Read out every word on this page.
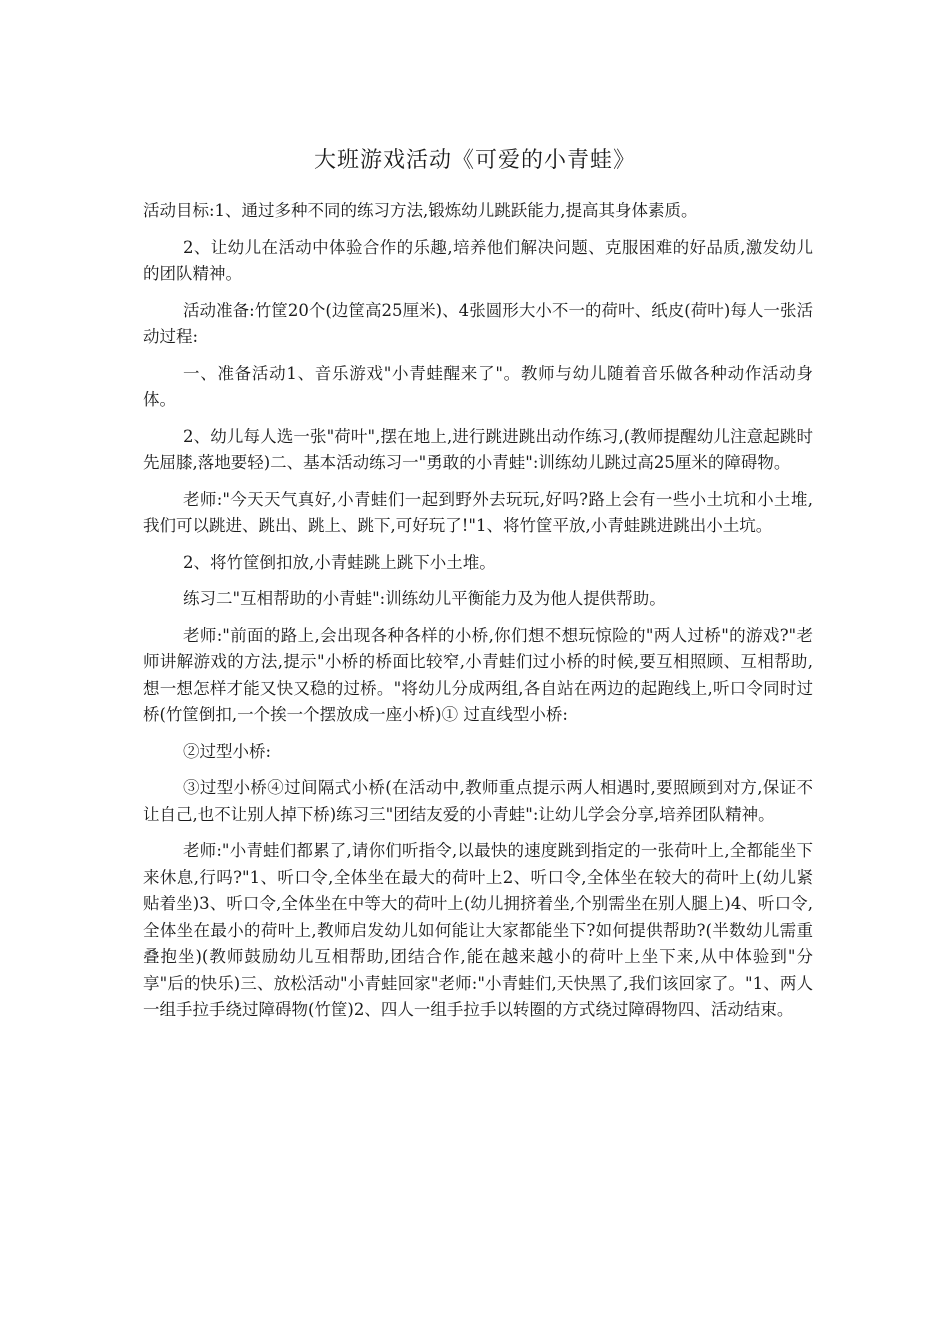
大班游戏活动《可爱的小青蛙》

活动目标:1、通过多种不同的练习方法,锻炼幼儿跳跃能力,提高其身体素质。

2、让幼儿在活动中体验合作的乐趣,培养他们解决问题、克服困难的好品质,激发幼儿的团队精神。

活动准备:竹筐20个(边筐高25厘米)、4张圆形大小不一的荷叶、纸皮(荷叶)每人一张活动过程:

一、准备活动1、音乐游戏"小青蛙醒来了"。教师与幼儿随着音乐做各种动作活动身体。

2、幼儿每人选一张"荷叶",摆在地上,进行跳进跳出动作练习,(教师提醒幼儿注意起跳时先屈膝,落地要轻)二、基本活动练习一"勇敢的小青蛙":训练幼儿跳过高25厘米的障碍物。

老师:"今天天气真好,小青蛙们一起到野外去玩玩,好吗?路上会有一些小土坑和小土堆,我们可以跳进、跳出、跳上、跳下,可好玩了!"1、将竹筐平放,小青蛙跳进跳出小土坑。

2、将竹筐倒扣放,小青蛙跳上跳下小土堆。

练习二"互相帮助的小青蛙":训练幼儿平衡能力及为他人提供帮助。

老师:"前面的路上,会出现各种各样的小桥,你们想不想玩惊险的"两人过桥"的游戏?"老师讲解游戏的方法,提示"小桥的桥面比较窄,小青蛙们过小桥的时候,要互相照顾、互相帮助,想一想怎样才能又快又稳的过桥。"将幼儿分成两组,各自站在两边的起跑线上,听口令同时过桥(竹筐倒扣,一个挨一个摆放成一座小桥)① 过直线型小桥:

②过型小桥:

③过型小桥④过间隔式小桥(在活动中,教师重点提示两人相遇时,要照顾到对方,保证不让自己,也不让别人掉下桥)练习三"团结友爱的小青蛙":让幼儿学会分享,培养团队精神。

老师:"小青蛙们都累了,请你们听指令,以最快的速度跳到指定的一张荷叶上,全都能坐下来休息,行吗?"1、听口令,全体坐在最大的荷叶上2、听口令,全体坐在较大的荷叶上(幼儿紧贴着坐)3、听口令,全体坐在中等大的荷叶上(幼儿拥挤着坐,个别需坐在别人腿上)4、听口令,全体坐在最小的荷叶上,教师启发幼儿如何能让大家都能坐下?如何提供帮助?(半数幼儿需重叠抱坐)(教师鼓励幼儿互相帮助,团结合作,能在越来越小的荷叶上坐下来,从中体验到"分享"后的快乐)三、放松活动"小青蛙回家"老师:"小青蛙们,天快黑了,我们该回家了。"1、两人一组手拉手绕过障碍物(竹筐)2、四人一组手拉手以转圈的方式绕过障碍物四、活动结束。
